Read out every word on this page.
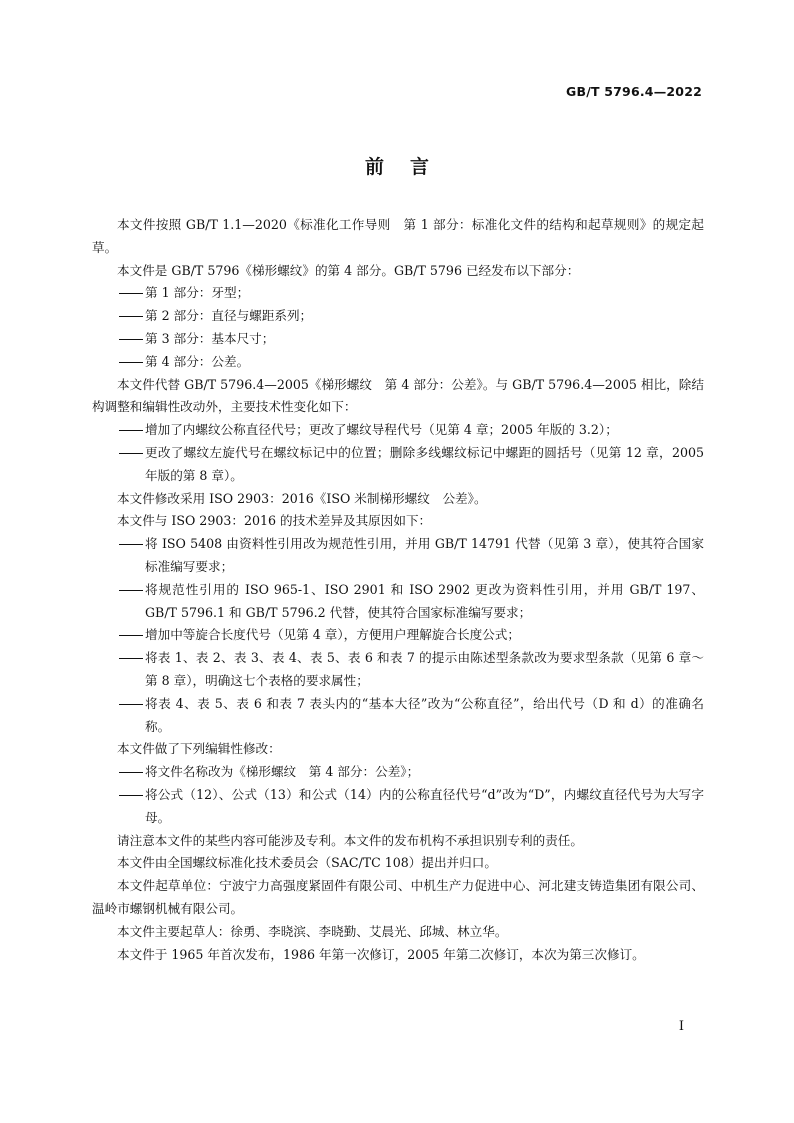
GB/T 5796.4—2022
前言
本文件按照 GB/T 1.1—2020《标准化工作导则　第 1 部分：标准化文件的结构和起草规则》的规定起草。
本文件是 GB/T 5796《梯形螺纹》的第 4 部分。GB/T 5796 已经发布以下部分：
第 1 部分：牙型；
第 2 部分：直径与螺距系列；
第 3 部分：基本尺寸；
第 4 部分：公差。
本文件代替 GB/T 5796.4—2005《梯形螺纹　第 4 部分：公差》。与 GB/T 5796.4—2005 相比，除结构调整和编辑性改动外，主要技术性变化如下：
增加了内螺纹公称直径代号；更改了螺纹导程代号（见第 4 章；2005 年版的 3.2）；
更改了螺纹左旋代号在螺纹标记中的位置；删除多线螺纹标记中螺距的圆括号（见第 12 章，2005 年版的第 8 章）。
本文件修改采用 ISO 2903：2016《ISO 米制梯形螺纹　公差》。
本文件与 ISO 2903：2016 的技术差异及其原因如下：
将 ISO 5408 由资料性引用改为规范性引用，并用 GB/T 14791 代替（见第 3 章），使其符合国家标准编写要求；
将规范性引用的 ISO 965-1、ISO 2901 和 ISO 2902 更改为资料性引用，并用 GB/T 197、GB/T 5796.1 和 GB/T 5796.2 代替，使其符合国家标准编写要求；
增加中等旋合长度代号（见第 4 章），方便用户理解旋合长度公式；
将表 1、表 2、表 3、表 4、表 5、表 6 和表 7 的提示由陈述型条款改为要求型条款（见第 6 章～第 8 章），明确这七个表格的要求属性；
将表 4、表 5、表 6 和表 7 表头内的“基本大径”改为“公称直径”，给出代号（D 和 d）的准确名称。
本文件做了下列编辑性修改：
将文件名称改为《梯形螺纹　第 4 部分：公差》；
将公式（12）、公式（13）和公式（14）内的公称直径代号“d”改为“D”，内螺纹直径代号为大写字母。
请注意本文件的某些内容可能涉及专利。本文件的发布机构不承担识别专利的责任。
本文件由全国螺纹标准化技术委员会（SAC/TC 108）提出并归口。
本文件起草单位：宁波宁力高强度紧固件有限公司、中机生产力促进中心、河北建支铸造集团有限公司、温岭市螺钢机械有限公司。
本文件主要起草人：徐勇、李晓滨、李晓勤、艾晨光、邱城、林立华。
本文件于 1965 年首次发布，1986 年第一次修订，2005 年第二次修订，本次为第三次修订。
I
